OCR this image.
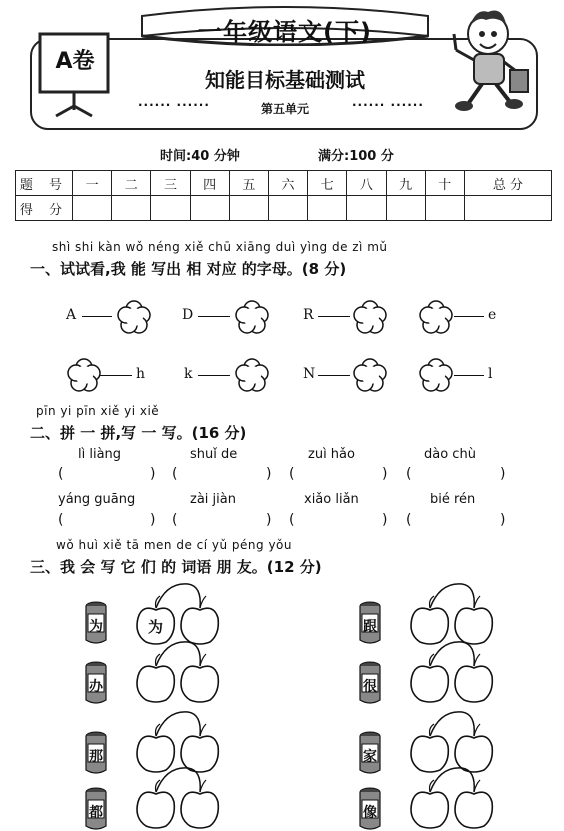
一年级语文(下)
A卷
知能目标基础测试
······ ······	第五单元	······ ······
时间:40 分钟	满分:100 分
题 号	一	二	三	四	五	六	七	八	九	十	总 分
得 分											
shì shi kàn wǒ néng xiě chū xiāng duì yìng de zì mǔ
一、试试看,我 能 写出 相 对应 的字母。(8 分)
A	D	R	e
h	k	N	l
pīn yi pīn xiě yi xiě
二、拼 一 拼,写 一 写。(16 分)
lì liàng	shuǐ de	zuì hǎo	dào chù
(	) (	) (	) (	)
yáng guāng	zài jiàn	xiǎo liǎn	bié rén
(	) (	) (	) (	)
wǒ huì xiě tā men de cí yǔ péng yǒu
三、我 会 写 它 们 的 词语 朋 友。(12 分)
为
办
那
都
跟
很
家
像
为
